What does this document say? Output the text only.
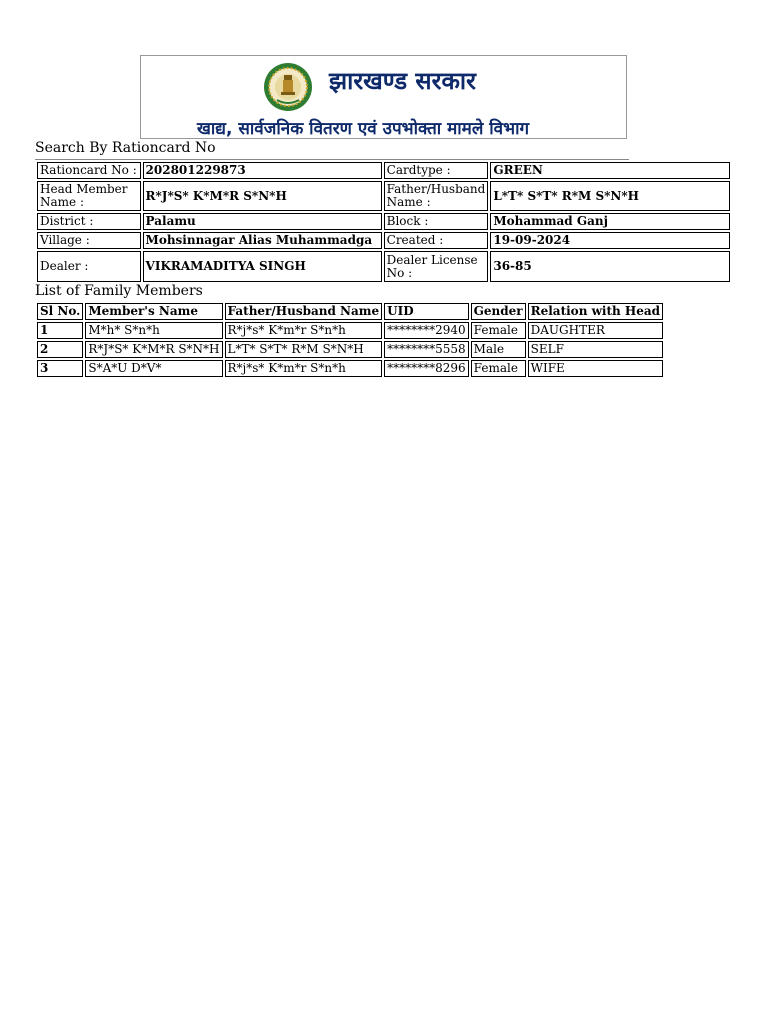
झारखण्ड सरकार
खाद्य, सार्वजनिक वितरण एवं उपभोक्ता मामले विभाग
Search By Rationcard No
Rationcard No :	202801229873	Cardtype :	GREEN
Head Member Name :	R*J*S* K*M*R S*N*H	Father/Husband Name :	L*T* S*T* R*M S*N*H
District :	Palamu	Block :	Mohammad Ganj
Village :	Mohsinnagar Alias Muhammadga	Created :	19-09-2024
Dealer :	VIKRAMADITYA SINGH	Dealer License No :	36-85
List of Family Members
Sl No.	Member's Name	Father/Husband Name	UID	Gender	Relation with Head
1	M*h* S*n*h	R*j*s* K*m*r S*n*h	********2940	Female	DAUGHTER
2	R*J*S* K*M*R S*N*H	L*T* S*T* R*M S*N*H	********5558	Male	SELF
3	S*A*U D*V*	R*j*s* K*m*r S*n*h	********8296	Female	WIFE
